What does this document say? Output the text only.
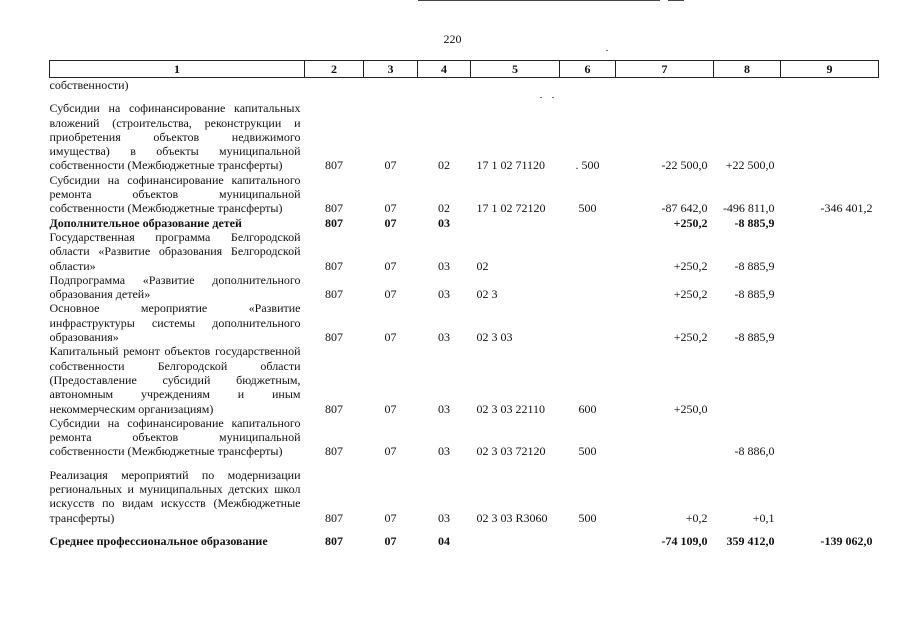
220
1	2	3	4	5	6	7	8	9
собственности)								

Субсидии на софинансирование капитальных вложений (строительства, реконструкции и приобретения объектов недвижимого имущества) в объекты муниципальной собственности (Межбюджетные трансферты)	807	07	02	17 1 02 71120	. 500	-22 500,0	+22 500,0	
Субсидии на софинансирование капитального ремонта объектов муниципальной собственности (Межбюджетные трансферты)	807	07	02	17 1 02 72120	500	-87 642,0	-496 811,0	-346 401,2
Дополнительное образование детей	807	07	03			+250,2	-8 885,9	
Государственная программа Белгородской области «Развитие образования Белгородской области»	807	07	03	02		+250,2	-8 885,9	
Подпрограмма «Развитие дополнительного образования детей»	807	07	03	02 3		+250,2	-8 885,9	
Основное мероприятие «Развитие инфраструктуры системы дополнительного образования»	807	07	03	02 3 03		+250,2	-8 885,9	
Капитальный ремонт объектов государственной собственности Белгородской области (Предоставление субсидий бюджетным, автономным учреждениям и иным некоммерческим организациям)	807	07	03	02 3 03 22110	600	+250,0		
Субсидии на софинансирование капитального ремонта объектов муниципальной собственности (Межбюджетные трансферты)	807	07	03	02 3 03 72120	500		-8 886,0	

Реализация мероприятий по модернизации региональных и муниципальных детских школ искусств по видам искусств (Межбюджетные трансферты)	807	07	03	02 3 03 R3060	500	+0,2	+0,1	

Среднее профессиональное образование	807	07	04			-74 109,0	359 412,0	-139 062,0
